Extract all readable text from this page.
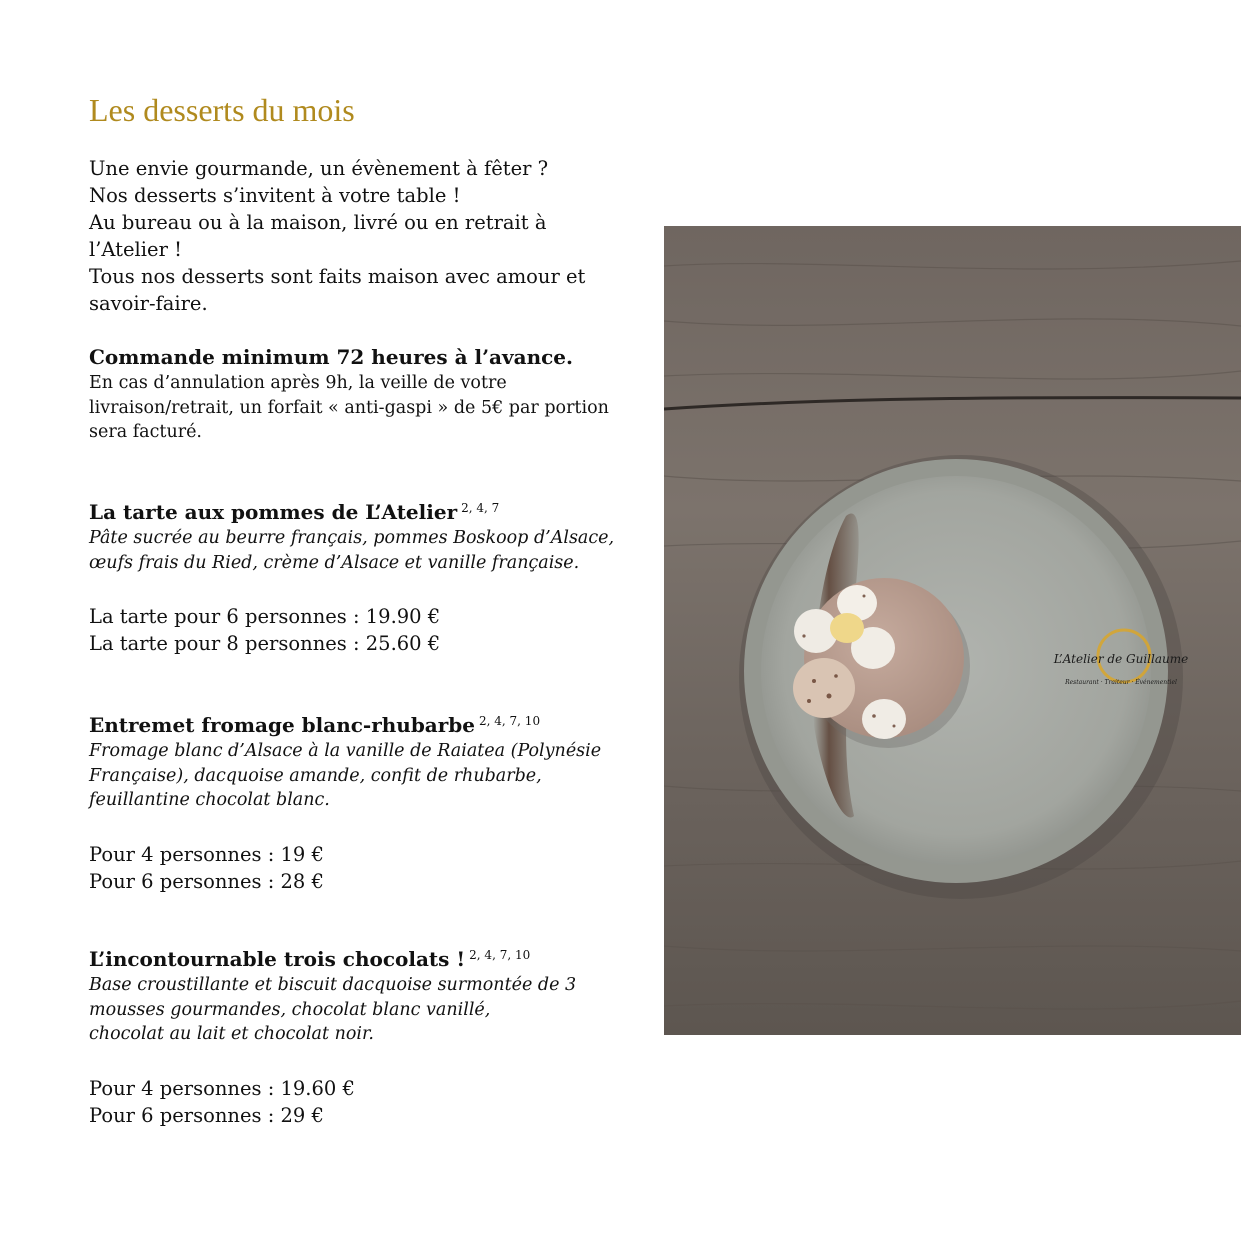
Les desserts du mois
Une envie gourmande, un évènement à fêter ?
Nos desserts s’invitent à votre table !
Au bureau ou à la maison, livré ou en retrait à
l’Atelier !
Tous nos desserts sont faits maison avec amour et
savoir-faire.
Commande minimum 72 heures à l’avance.
En cas d’annulation après 9h, la veille de votre
livraison/retrait, un forfait « anti-gaspi » de 5€ par portion
sera facturé.
La tarte aux pommes de L’Atelier $^{2, 4, 7}$
Pâte sucrée au beurre français, pommes Boskoop d’Alsace,
œufs frais du Ried, crème d’Alsace et vanille française.
La tarte pour 6 personnes : 19.90 €
La tarte pour 8 personnes : 25.60 €
Entremet fromage blanc-rhubarbe $^{2, 4, 7, 10}$
Fromage blanc d’Alsace à la vanille de Raiatea (Polynésie
Française), dacquoise amande, confit de rhubarbe,
feuillantine chocolat blanc.
Pour 4 personnes : 19 €
Pour 6 personnes : 28 €
L’incontournable trois chocolats ! $^{2, 4, 7, 10}$
Base croustillante et biscuit dacquoise surmontée de 3
mousses gourmandes, chocolat blanc vanillé,
chocolat au lait et chocolat noir.
Pour 4 personnes : 19.60 €
Pour 6 personnes : 29 €
L’Atelier de Guillaume
Restaurant · Traiteur · Événementiel
